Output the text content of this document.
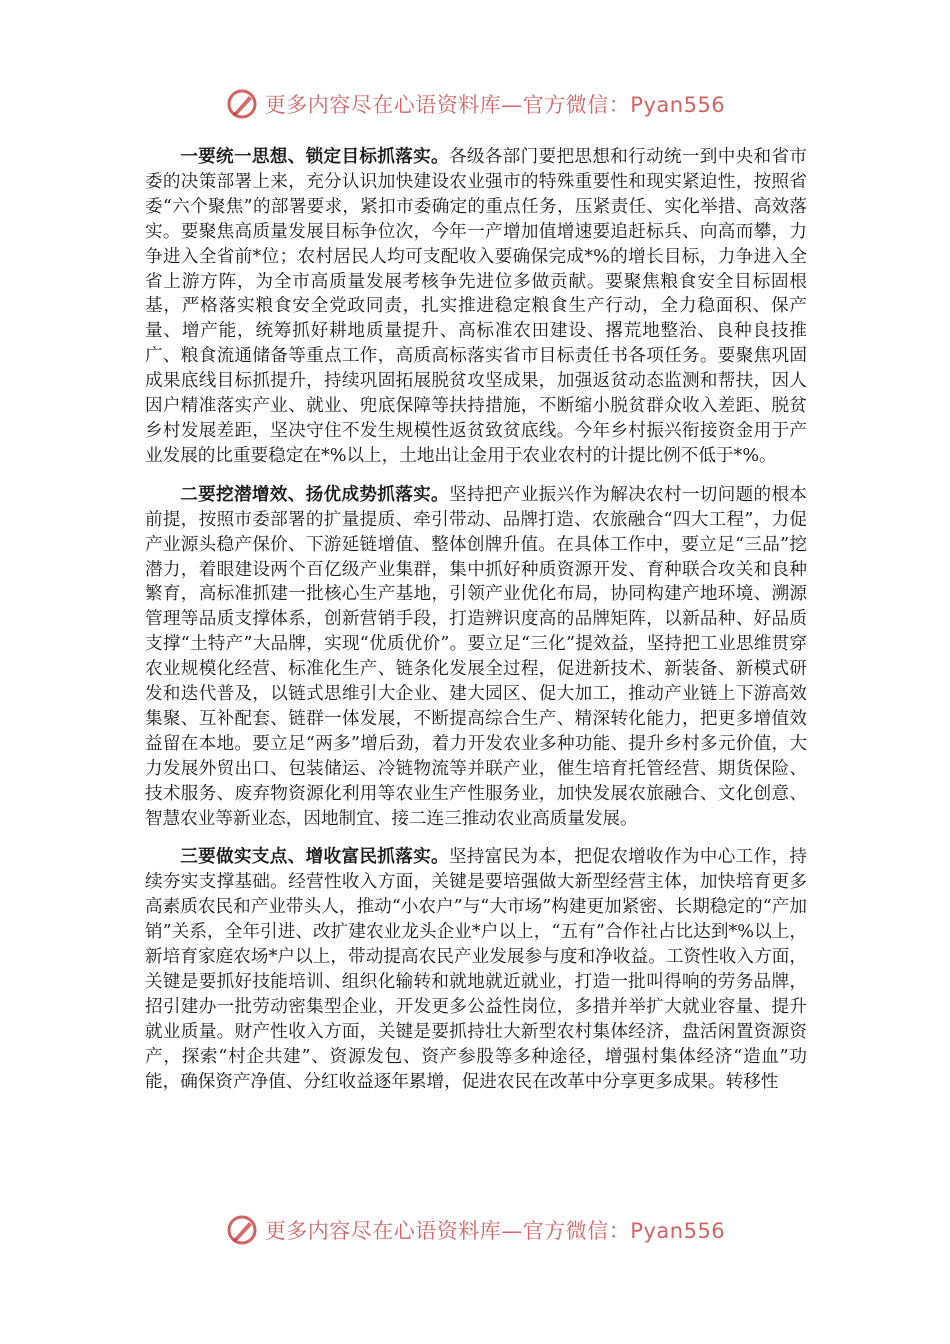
更多内容尽在心语资料库—官方微信：Pyan556

一要统一思想、锁定目标抓落实。各级各部门要把思想和行动统一到中央和省市委的决策部署上来，充分认识加快建设农业强市的特殊重要性和现实紧迫性，按照省委“六个聚焦”的部署要求，紧扣市委确定的重点任务，压紧责任、实化举措、高效落实。要聚焦高质量发展目标争位次，今年一产增加值增速要追赶标兵、向高而攀，力争进入全省前*位；农村居民人均可支配收入要确保完成*%的增长目标，力争进入全省上游方阵，为全市高质量发展考核争先进位多做贡献。要聚焦粮食安全目标固根基，严格落实粮食安全党政同责，扎实推进稳定粮食生产行动，全力稳面积、保产量、增产能，统筹抓好耕地质量提升、高标准农田建设、撂荒地整治、良种良技推广、粮食流通储备等重点工作，高质高标落实省市目标责任书各项任务。要聚焦巩固成果底线目标抓提升，持续巩固拓展脱贫攻坚成果，加强返贫动态监测和帮扶，因人因户精准落实产业、就业、兜底保障等扶持措施，不断缩小脱贫群众收入差距、脱贫乡村发展差距，坚决守住不发生规模性返贫致贫底线。今年乡村振兴衔接资金用于产业发展的比重要稳定在*%以上，土地出让金用于农业农村的计提比例不低于*%。

二要挖潜增效、扬优成势抓落实。坚持把产业振兴作为解决农村一切问题的根本前提，按照市委部署的扩量提质、牵引带动、品牌打造、农旅融合“四大工程”，力促产业源头稳产保价、下游延链增值、整体创牌升值。在具体工作中，要立足“三品”挖潜力，着眼建设两个百亿级产业集群，集中抓好种质资源开发、育种联合攻关和良种繁育，高标准抓建一批核心生产基地，引领产业优化布局，协同构建产地环境、溯源管理等品质支撑体系，创新营销手段，打造辨识度高的品牌矩阵，以新品种、好品质支撑“土特产”大品牌，实现“优质优价”。要立足“三化”提效益，坚持把工业思维贯穿农业规模化经营、标准化生产、链条化发展全过程，促进新技术、新装备、新模式研发和迭代普及，以链式思维引大企业、建大园区、促大加工，推动产业链上下游高效集聚、互补配套、链群一体发展，不断提高综合生产、精深转化能力，把更多增值效益留在本地。要立足“两多”增后劲，着力开发农业多种功能、提升乡村多元价值，大力发展外贸出口、包装储运、冷链物流等并联产业，催生培育托管经营、期货保险、技术服务、废弃物资源化利用等农业生产性服务业，加快发展农旅融合、文化创意、智慧农业等新业态，因地制宜、接二连三推动农业高质量发展。

三要做实支点、增收富民抓落实。坚持富民为本，把促农增收作为中心工作，持续夯实支撑基础。经营性收入方面，关键是要培强做大新型经营主体，加快培育更多高素质农民和产业带头人，推动“小农户”与“大市场”构建更加紧密、长期稳定的“产加销”关系，全年引进、改扩建农业龙头企业*户以上，“五有”合作社占比达到*%以上，新培育家庭农场*户以上，带动提高农民产业发展参与度和净收益。工资性收入方面，关键是要抓好技能培训、组织化输转和就地就近就业，打造一批叫得响的劳务品牌，招引建办一批劳动密集型企业，开发更多公益性岗位，多措并举扩大就业容量、提升就业质量。财产性收入方面，关键是要抓持壮大新型农村集体经济，盘活闲置资源资产，探索“村企共建”、资源发包、资产参股等多种途径，增强村集体经济“造血”功能，确保资产净值、分红收益逐年累增，促进农民在改革中分享更多成果。转移性

更多内容尽在心语资料库—官方微信：Pyan556
